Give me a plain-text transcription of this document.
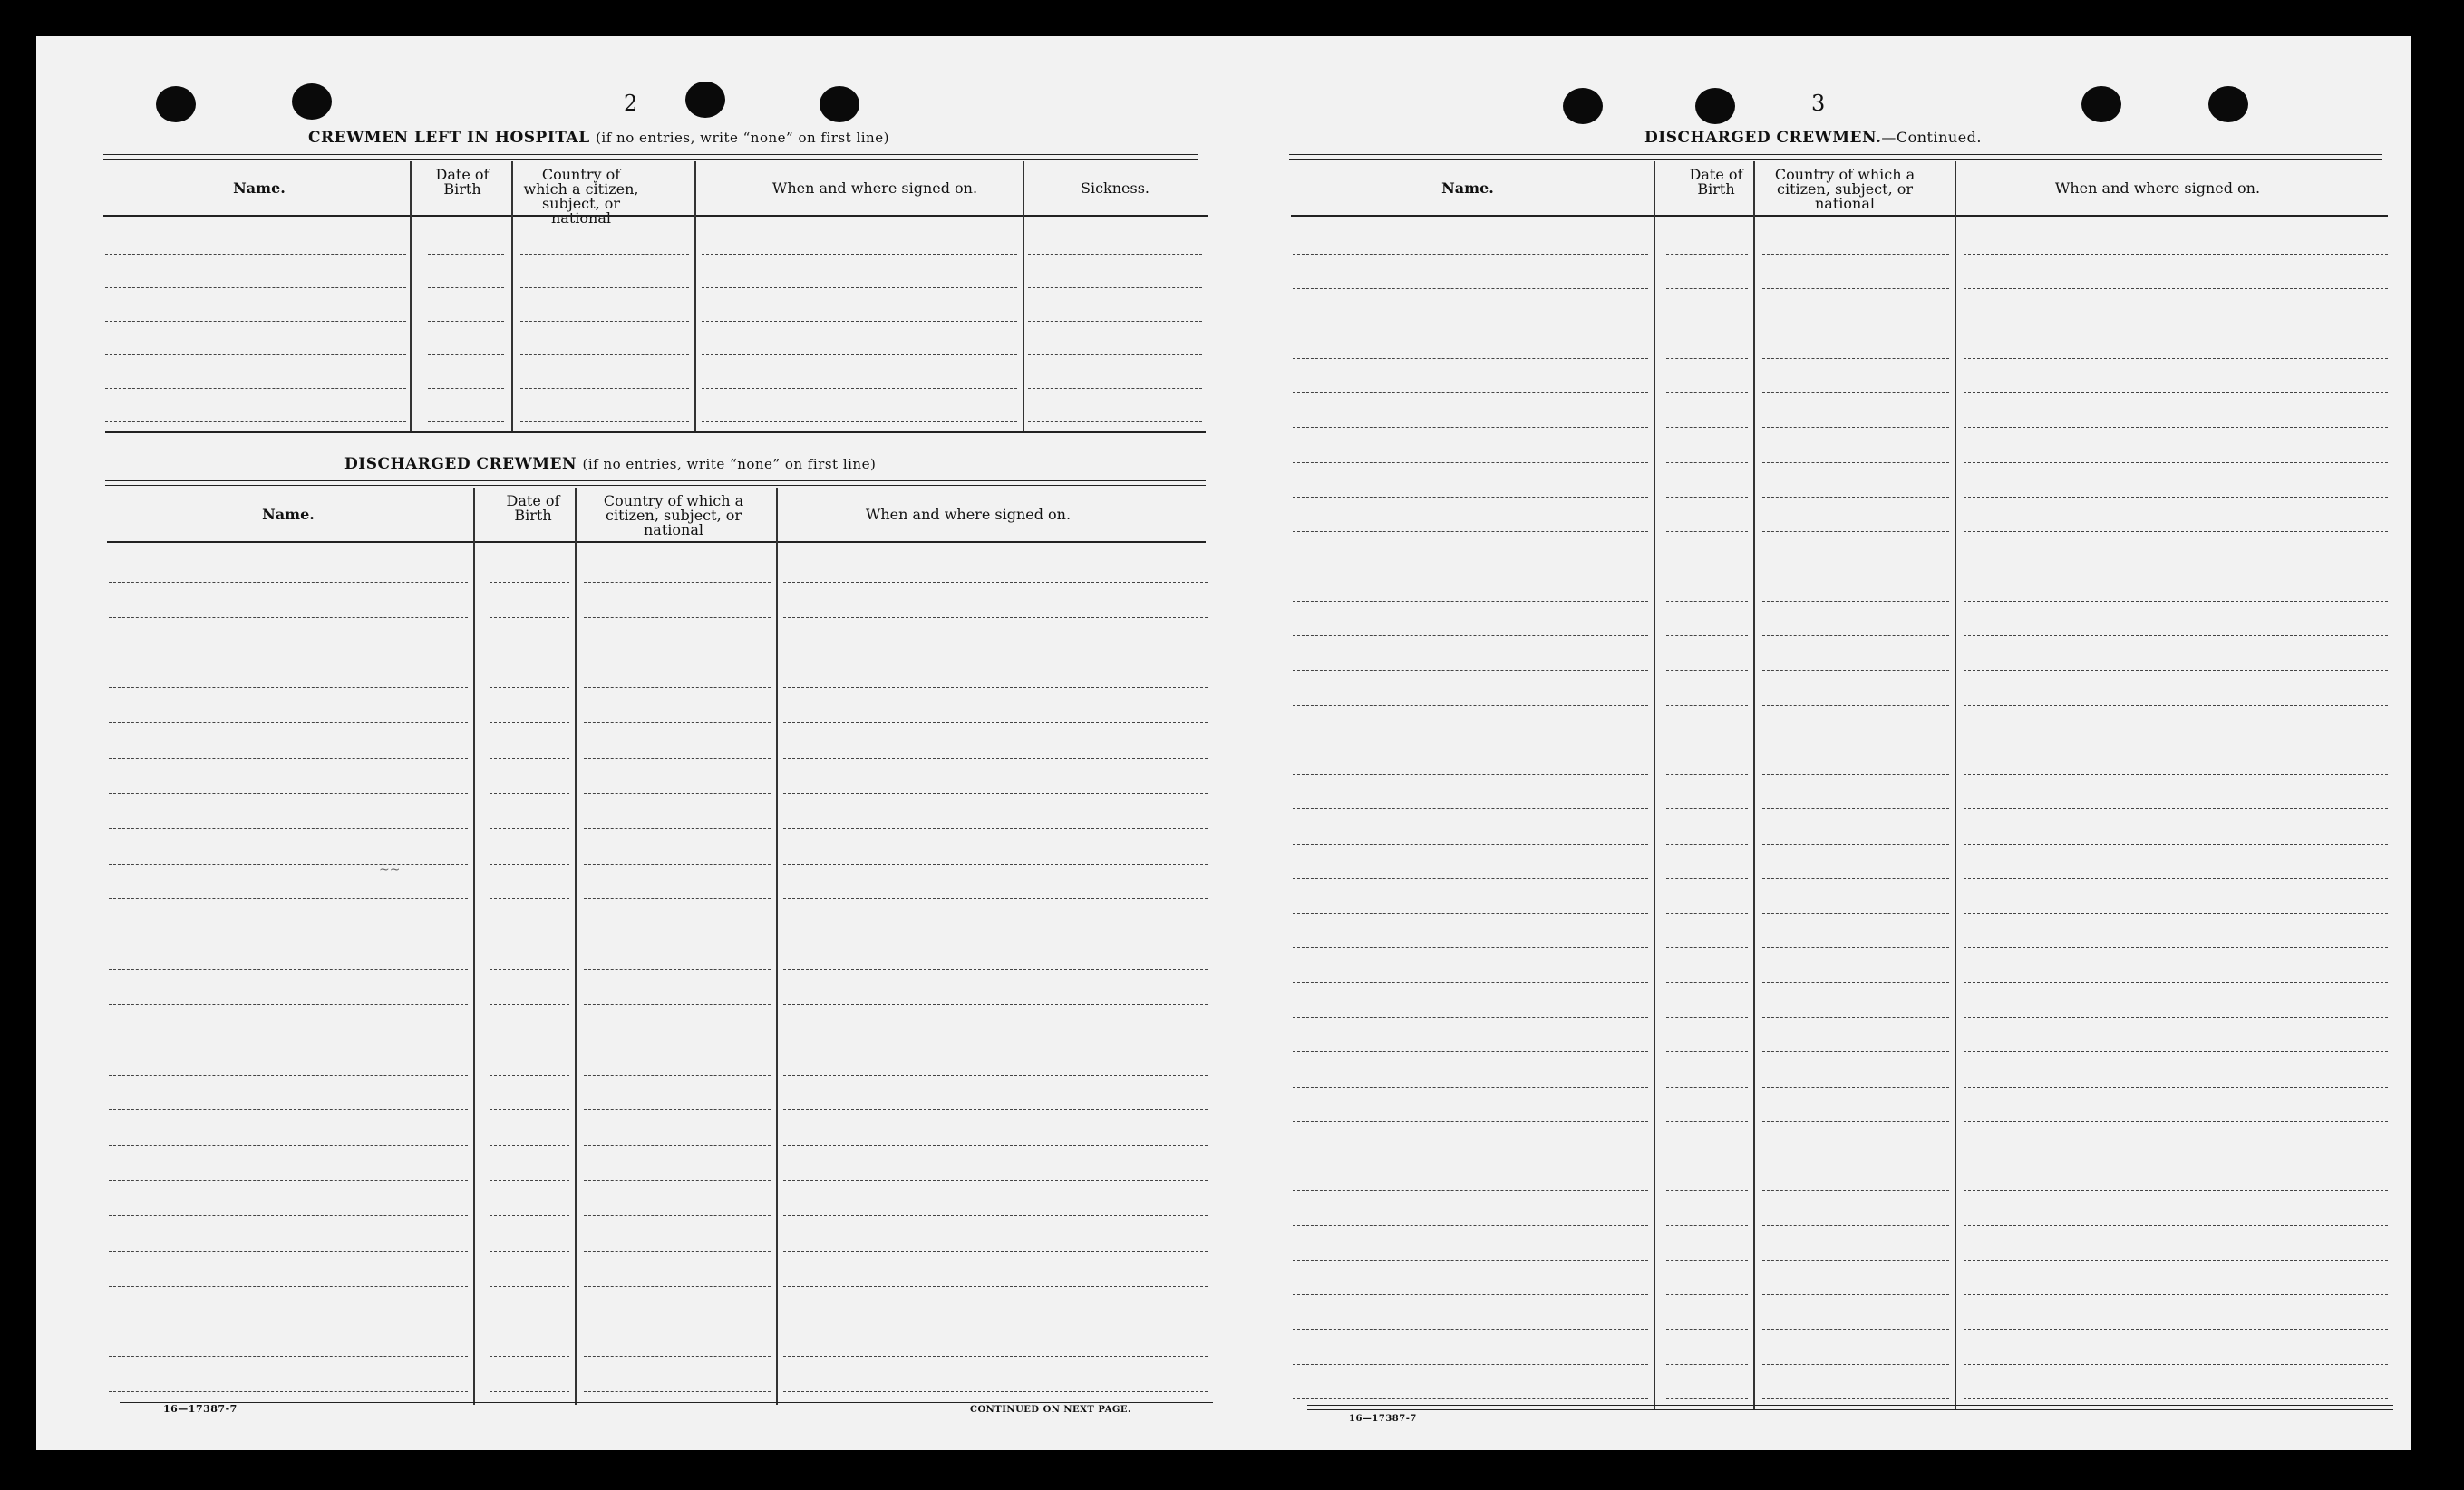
2
CREWMEN LEFT IN HOSPITAL (if no entries, write “none” on first line)
Name.
Date of Birth
Country of which a citizen, subject, or national
When and where signed on.	Sickness.
DISCHARGED CREWMEN (if no entries, write “none” on first line)
Name.
Date of Birth
Country of which a citizen, subject, or national
When and where signed on.
16—17387-7	CONTINUED ON NEXT PAGE.
~~
3
DISCHARGED CREWMEN.—Continued.
Name.
Date of Birth
Country of which a citizen, subject, or national
When and where signed on.
16—17387-7
